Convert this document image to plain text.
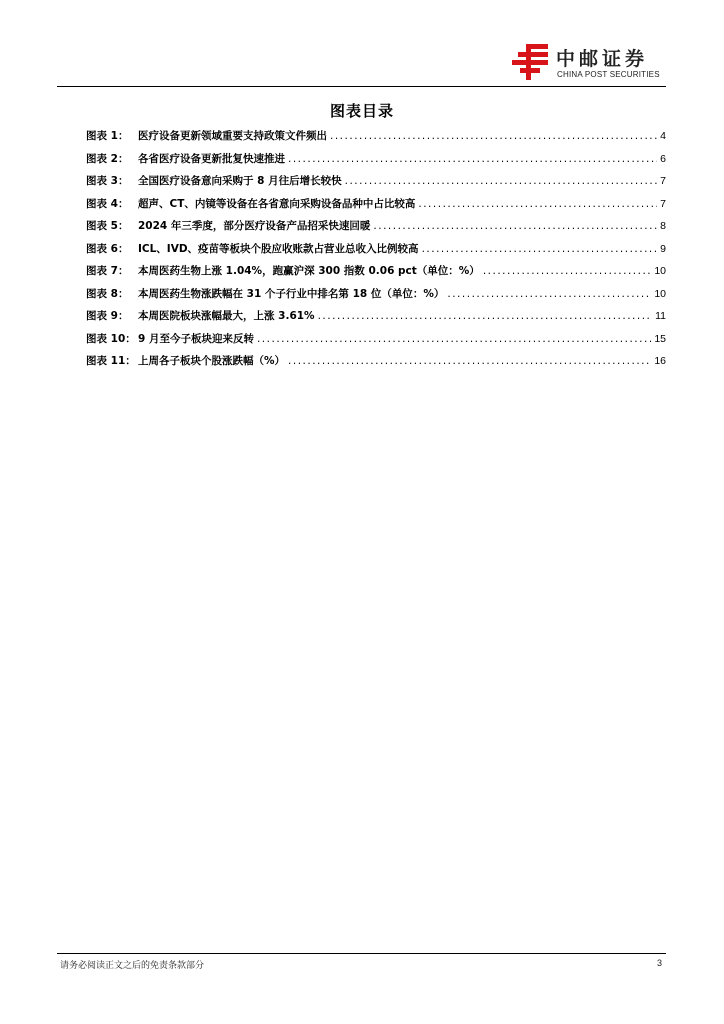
中邮证券
CHINA POST SECURITIES
图表目录
图表 1： 医疗设备更新领域重要支持政策文件频出 .....	4
图表 2： 各省医疗设备更新批复快速推进 .....	6
图表 3： 全国医疗设备意向采购于 8 月往后增长较快 .....	7
图表 4： 超声、CT、内镜等设备在各省意向采购设备品种中占比较高 .....	7
图表 5： 2024 年三季度，部分医疗设备产品招采快速回暖 .....	8
图表 6： ICL、IVD、疫苗等板块个股应收账款占营业总收入比例较高 .....	9
图表 7： 本周医药生物上涨 1.04%，跑赢沪深 300 指数 0.06 pct（单位：%） .....	10
图表 8： 本周医药生物涨跌幅在 31 个子行业中排名第 18 位（单位：%） .....	10
图表 9： 本周医院板块涨幅最大，上涨 3.61% .....	11
图表 10： 9 月至今子板块迎来反转 .....	15
图表 11： 上周各子板块个股涨跌幅（%） .....	16
请务必阅读正文之后的免责条款部分	3
